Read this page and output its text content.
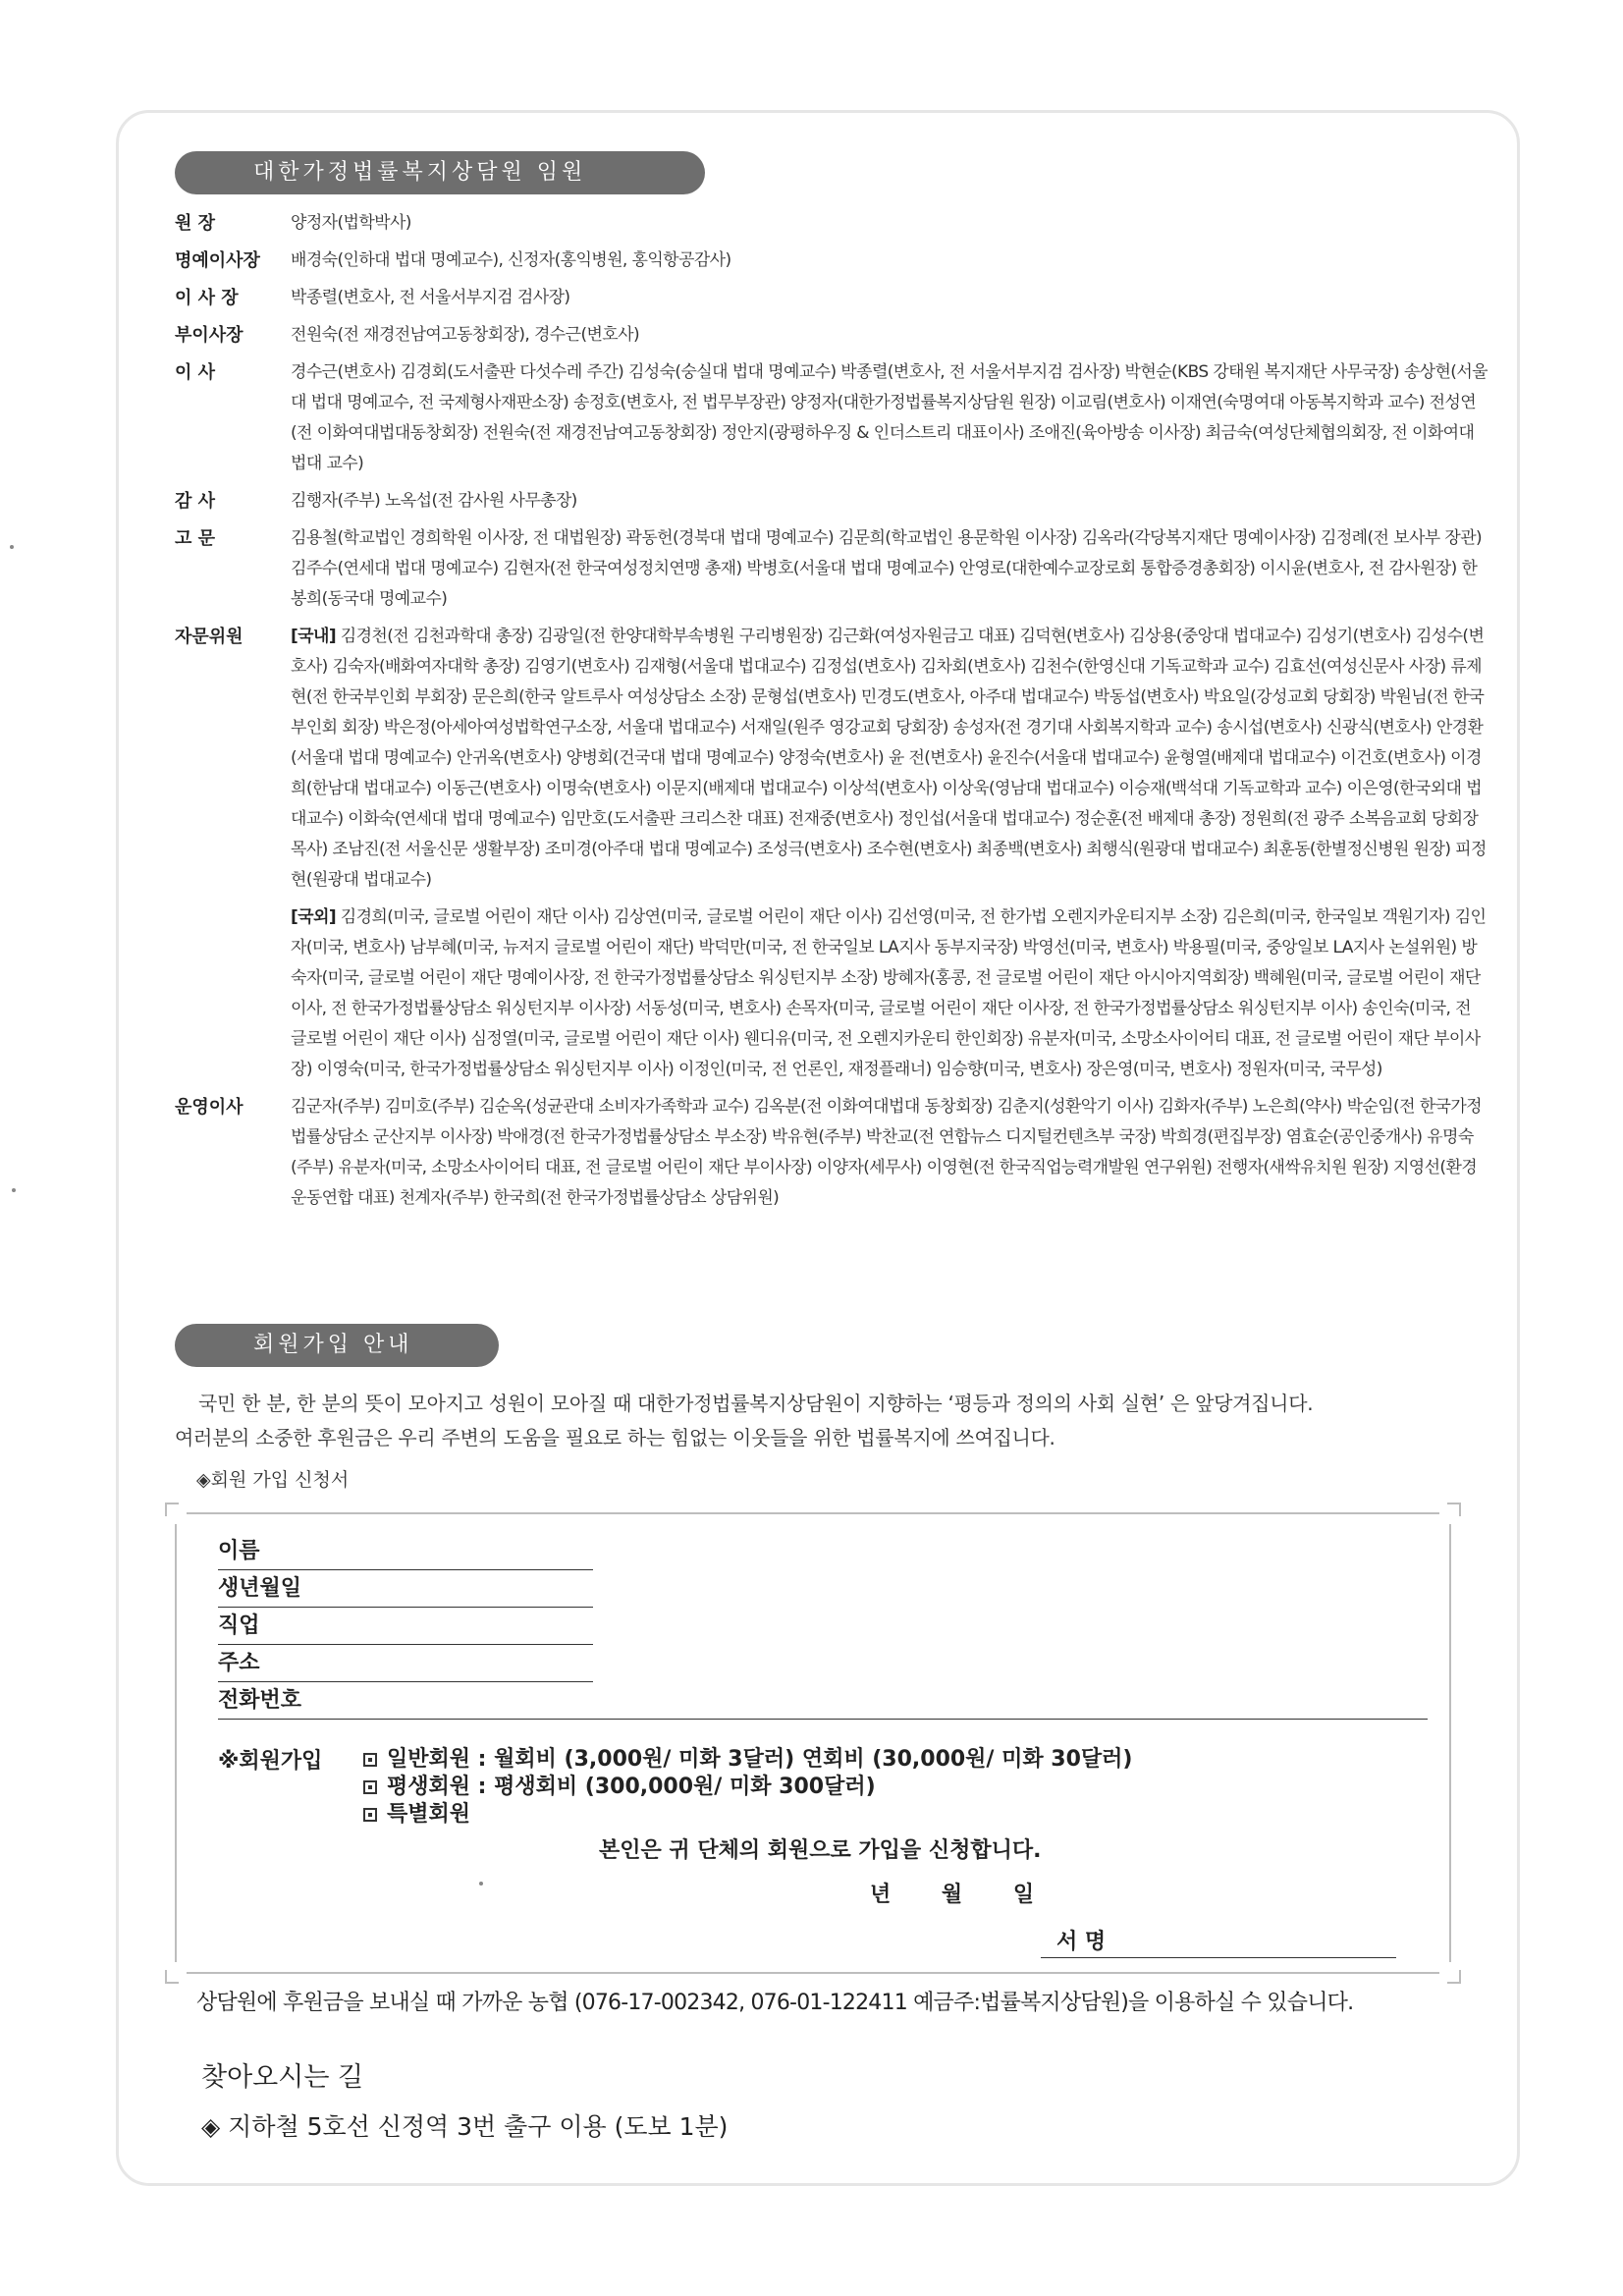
대한가정법률복지상담원 임원
원 장	양정자(법학박사)
명예이사장	배경숙(인하대 법대 명예교수), 신정자(홍익병원, 홍익항공감사)
이 사 장	박종렬(변호사, 전 서울서부지검 검사장)
부이사장	전원숙(전 재경전남여고동창회장), 경수근(변호사)
이 사	경수근(변호사) 김경회(도서출판 다섯수레 주간) 김성숙(숭실대 법대 명예교수) 박종렬(변호사, 전 서울서부지검 검사장) 박현순(KBS 강태원 복지재단 사무국장) 송상현(서울대 법대 명예교수, 전 국제형사재판소장) 송정호(변호사, 전 법무부장관) 양정자(대한가정법률복지상담원 원장) 이교림(변호사) 이재연(숙명여대 아동복지학과 교수) 전성연(전 이화여대법대동창회장) 전원숙(전 재경전남여고동창회장) 정안지(광평하우징 & 인더스트리 대표이사) 조애진(육아방송 이사장) 최금숙(여성단체협의회장, 전 이화여대 법대 교수)
감 사	김행자(주부) 노옥섭(전 감사원 사무총장)
고 문	김용철(학교법인 경희학원 이사장, 전 대법원장) 곽동헌(경북대 법대 명예교수) 김문희(학교법인 용문학원 이사장) 김옥라(각당복지재단 명예이사장) 김정례(전 보사부 장관) 김주수(연세대 법대 명예교수) 김현자(전 한국여성정치연맹 총재) 박병호(서울대 법대 명예교수) 안영로(대한예수교장로회 통합증경총회장) 이시윤(변호사, 전 감사원장) 한봉희(동국대 명예교수)
자문위원	[국내] 김경천(전 김천과학대 총장) 김광일(전 한양대학부속병원 구리병원장) 김근화(여성자원금고 대표) 김덕현(변호사) 김상용(중앙대 법대교수) 김성기(변호사) 김성수(변호사) 김숙자(배화여자대학 총장) 김영기(변호사) 김재형(서울대 법대교수) 김정섭(변호사) 김차회(변호사) 김천수(한영신대 기독교학과 교수) 김효선(여성신문사 사장) 류제현(전 한국부인회 부회장) 문은희(한국 알트루사 여성상담소 소장) 문형섭(변호사) 민경도(변호사, 아주대 법대교수) 박동섭(변호사) 박요일(강성교회 당회장) 박원님(전 한국부인회 회장) 박은정(아세아여성법학연구소장, 서울대 법대교수) 서재일(원주 영강교회 당회장) 송성자(전 경기대 사회복지학과 교수) 송시섭(변호사) 신광식(변호사) 안경환(서울대 법대 명예교수) 안귀옥(변호사) 양병회(건국대 법대 명예교수) 양정숙(변호사) 윤 전(변호사) 윤진수(서울대 법대교수) 윤형열(배제대 법대교수) 이건호(변호사) 이경희(한남대 법대교수) 이동근(변호사) 이명숙(변호사) 이문지(배제대 법대교수) 이상석(변호사) 이상욱(영남대 법대교수) 이승재(백석대 기독교학과 교수) 이은영(한국외대 법대교수) 이화숙(연세대 법대 명예교수) 임만호(도서출판 크리스찬 대표) 전재중(변호사) 정인섭(서울대 법대교수) 정순훈(전 배제대 총장) 정원희(전 광주 소복음교회 당회장 목사) 조남진(전 서울신문 생활부장) 조미경(아주대 법대 명예교수) 조성극(변호사) 조수현(변호사) 최종백(변호사) 최행식(원광대 법대교수) 최훈동(한별정신병원 원장) 피정현(원광대 법대교수)
[국외] 김경희(미국, 글로벌 어린이 재단 이사) 김상연(미국, 글로벌 어린이 재단 이사) 김선영(미국, 전 한가법 오렌지카운티지부 소장) 김은희(미국, 한국일보 객원기자) 김인자(미국, 변호사) 남부혜(미국, 뉴저지 글로벌 어린이 재단) 박덕만(미국, 전 한국일보 LA지사 동부지국장) 박영선(미국, 변호사) 박용필(미국, 중앙일보 LA지사 논설위원) 방숙자(미국, 글로벌 어린이 재단 명예이사장, 전 한국가정법률상담소 워싱턴지부 소장) 방혜자(홍콩, 전 글로벌 어린이 재단 아시아지역회장) 백혜원(미국, 글로벌 어린이 재단 이사, 전 한국가정법률상담소 워싱턴지부 이사장) 서동성(미국, 변호사) 손목자(미국, 글로벌 어린이 재단 이사장, 전 한국가정법률상담소 워싱턴지부 이사) 송인숙(미국, 전 글로벌 어린이 재단 이사) 심정열(미국, 글로벌 어린이 재단 이사) 웬디유(미국, 전 오렌지카운티 한인회장) 유분자(미국, 소망소사이어티 대표, 전 글로벌 어린이 재단 부이사장) 이영숙(미국, 한국가정법률상담소 워싱턴지부 이사) 이정인(미국, 전 언론인, 재정플래너) 임승향(미국, 변호사) 장은영(미국, 변호사) 정원자(미국, 국무성)
운영이사	김군자(주부) 김미호(주부) 김순옥(성균관대 소비자가족학과 교수) 김옥분(전 이화여대법대 동창회장) 김춘지(성환악기 이사) 김화자(주부) 노은희(약사) 박순임(전 한국가정법률상담소 군산지부 이사장) 박애경(전 한국가정법률상담소 부소장) 박유현(주부) 박찬교(전 연합뉴스 디지털컨텐츠부 국장) 박희경(편집부장) 염효순(공인중개사) 유명숙(주부) 유분자(미국, 소망소사이어티 대표, 전 글로벌 어린이 재단 부이사장) 이양자(세무사) 이영현(전 한국직업능력개발원 연구위원) 전행자(새싹유치원 원장) 지영선(환경운동연합 대표) 천계자(주부) 한국희(전 한국가정법률상담소 상담위원)
회원가입 안내

국민 한 분, 한 분의 뜻이 모아지고 성원이 모아질 때 대한가정법률복지상담원이 지향하는 ‘평등과 정의의 사회 실현’ 은 앞당겨집니다.

여러분의 소중한 후원금은 우리 주변의 도움을 필요로 하는 힘없는 이웃들을 위한 법률복지에 쓰여집니다.

◈회원 가입 신청서
이름
생년월일
직업
주소
전화번호
※회원가입	일반회원 : 월회비 (3,000원/ 미화 3달러) 연회비 (30,000원/ 미화 30달러)
평생회원 : 평생회비 (300,000원/ 미화 300달러)
특별회원
본인은 귀 단체의 회원으로 가입을 신청합니다.
년 월 일
서 명
상담원에 후원금을 보내실 때 가까운 농협 (076-17-002342, 076-01-122411 예금주:법률복지상담원)을 이용하실 수 있습니다.
찾아오시는 길
◈ 지하철 5호선 신정역 3번 출구 이용 (도보 1분)
